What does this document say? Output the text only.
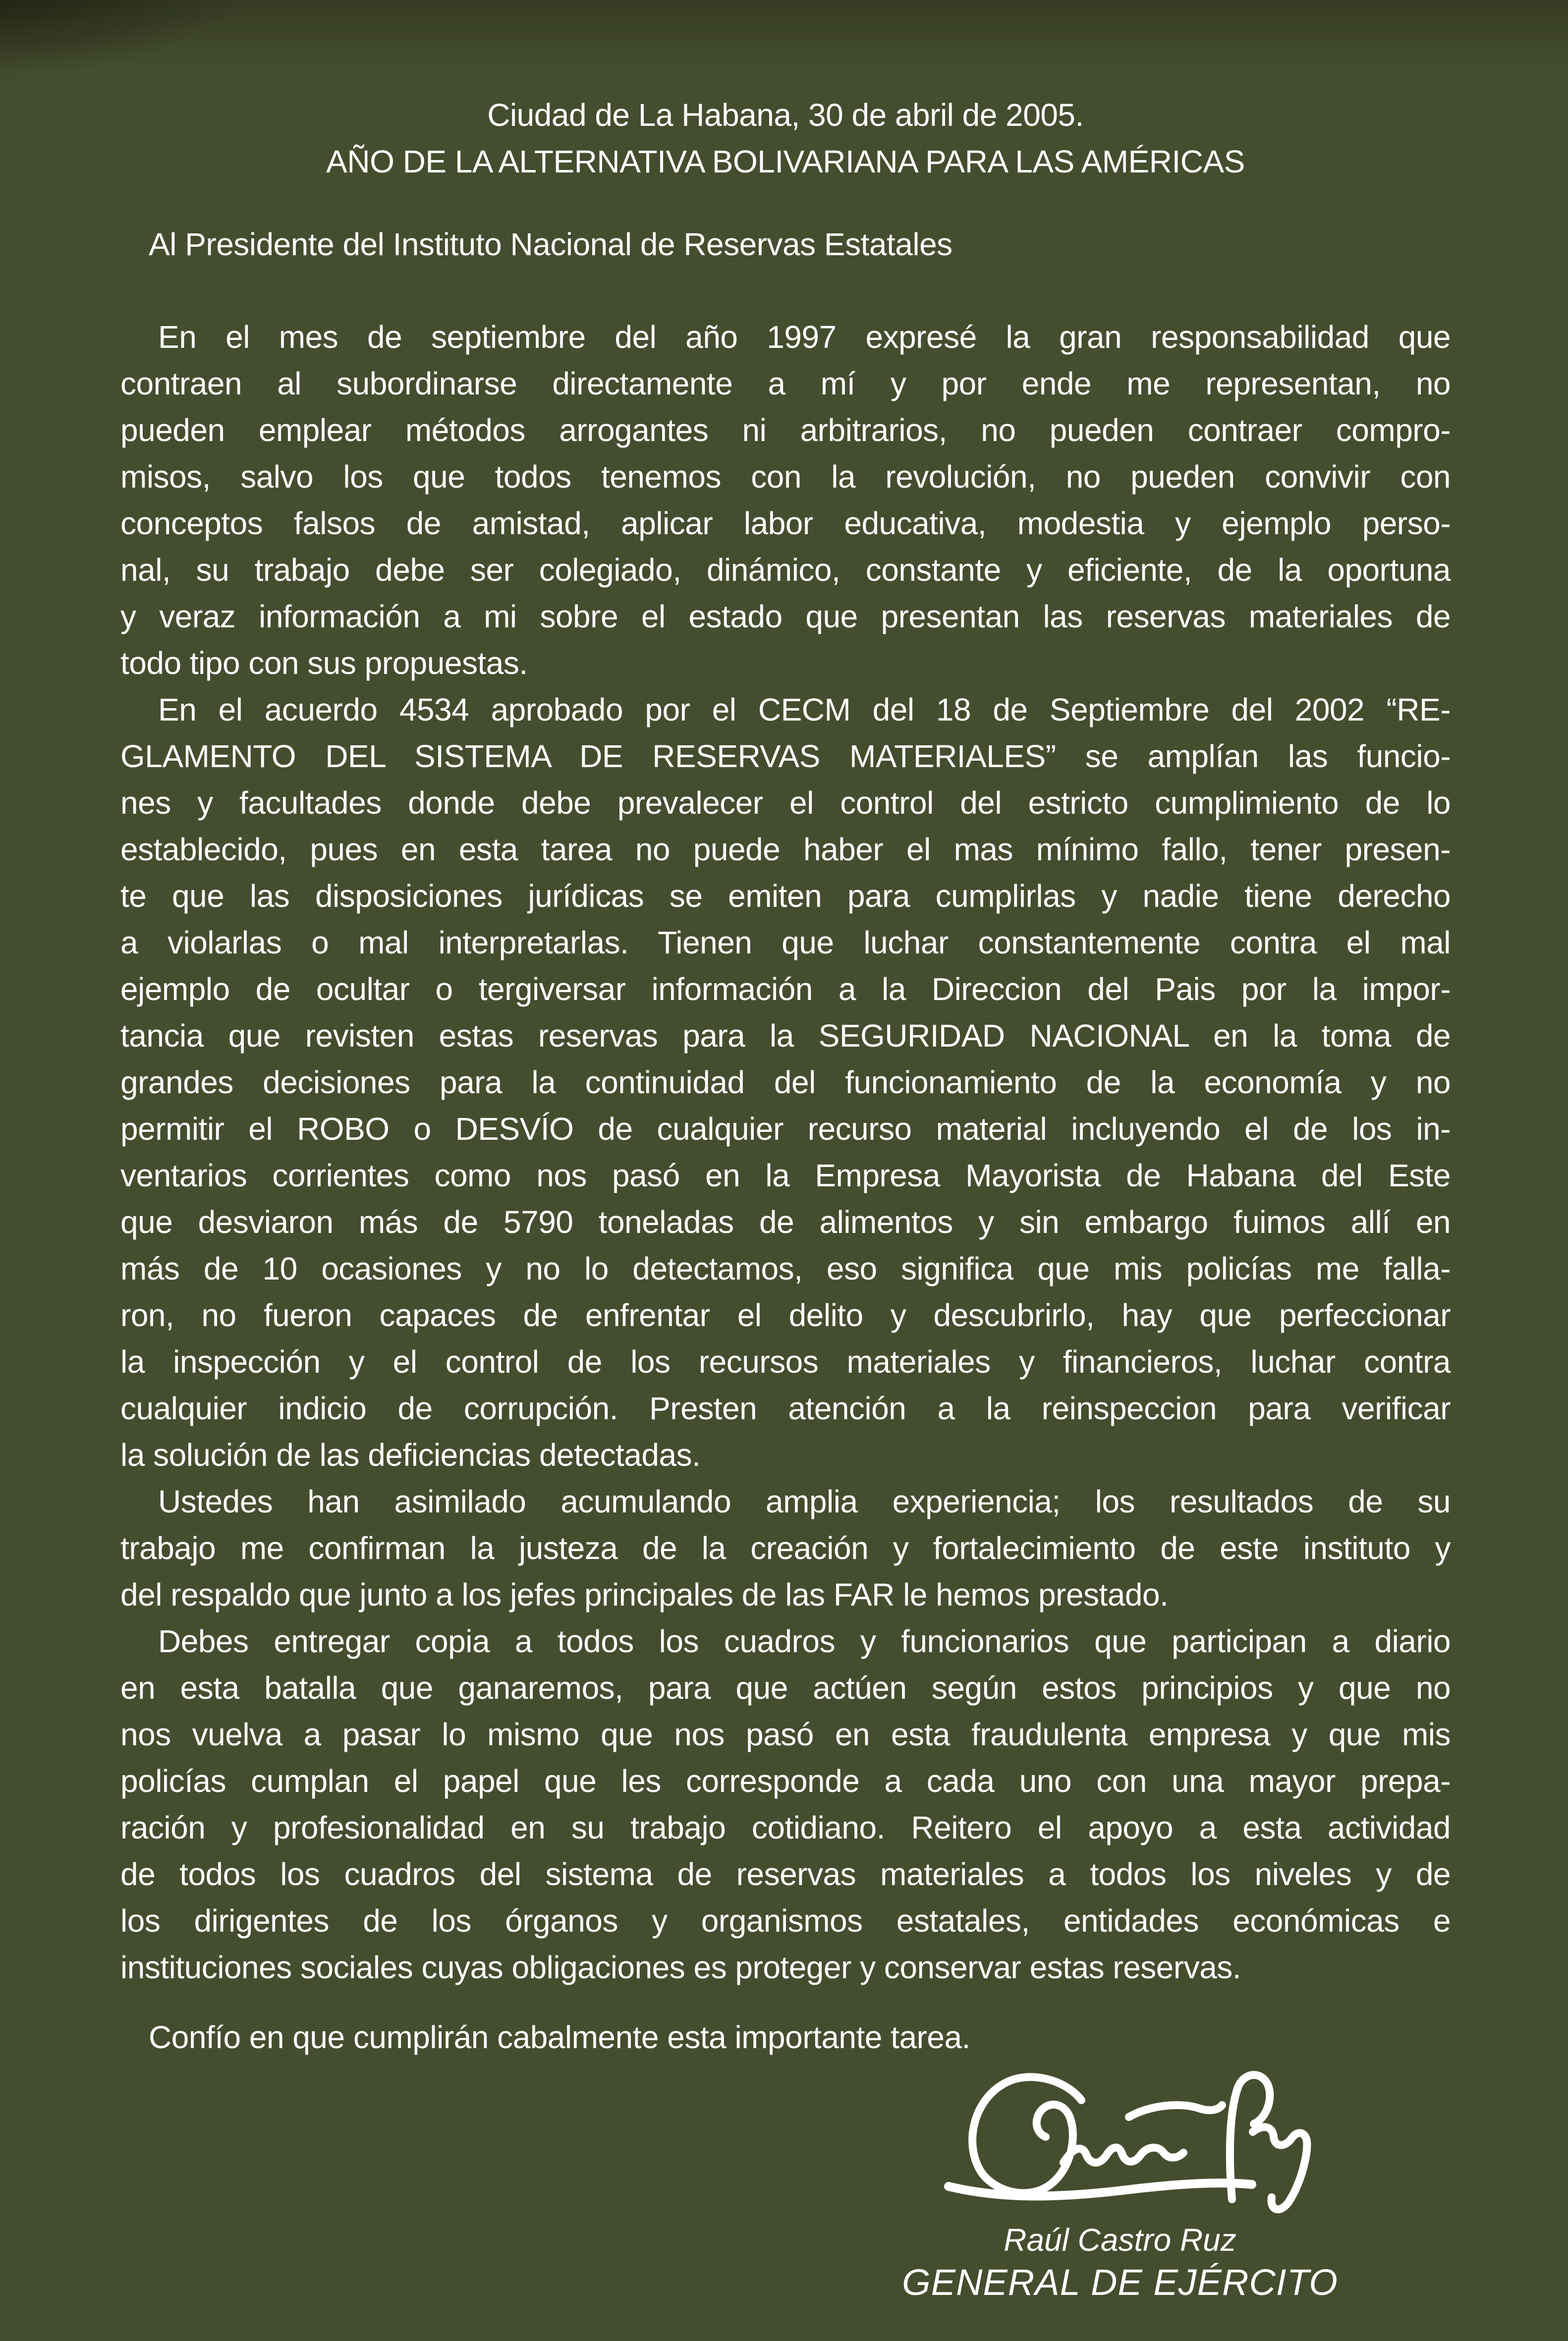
Ciudad de La Habana, 30 de abril de 2005.
AÑO DE LA ALTERNATIVA BOLIVARIANA PARA LAS AMÉRICAS
Al Presidente del Instituto Nacional de Reservas Estatales
En el mes de septiembre del año 1997 expresé la gran responsabilidad que
contraen al subordinarse directamente a mí y por ende me representan, no
pueden emplear métodos arrogantes ni arbitrarios, no pueden contraer compro-
misos, salvo los que todos tenemos con la revolución, no pueden convivir con
conceptos falsos de amistad, aplicar labor educativa, modestia y ejemplo perso-
nal, su trabajo debe ser colegiado, dinámico, constante y eficiente, de la oportuna
y veraz información a mi sobre el estado que presentan las reservas materiales de
todo tipo con sus propuestas.
En el acuerdo 4534 aprobado por el CECM del 18 de Septiembre del 2002 “RE-
GLAMENTO DEL SISTEMA DE RESERVAS MATERIALES” se amplían las funcio-
nes y facultades donde debe prevalecer el control del estricto cumplimiento de lo
establecido, pues en esta tarea no puede haber el mas mínimo fallo, tener presen-
te que las disposiciones jurídicas se emiten para cumplirlas y nadie tiene derecho
a violarlas o mal interpretarlas. Tienen que luchar constantemente contra el mal
ejemplo de ocultar o tergiversar información a la Direccion del Pais por la impor-
tancia que revisten estas reservas para la SEGURIDAD NACIONAL en la toma de
grandes decisiones para la continuidad del funcionamiento de la economía y no
permitir el ROBO o DESVÍO de cualquier recurso material incluyendo el de los in-
ventarios corrientes como nos pasó en la Empresa Mayorista de Habana del Este
que desviaron más de 5790 toneladas de alimentos y sin embargo fuimos allí en
más de 10 ocasiones y no lo detectamos, eso significa que mis policías me falla-
ron, no fueron capaces de enfrentar el delito y descubrirlo, hay que perfeccionar
la inspección y el control de los recursos materiales y financieros, luchar contra
cualquier indicio de corrupción. Presten atención a la reinspeccion para verificar
la solución de las deficiencias detectadas.
Ustedes han asimilado acumulando amplia experiencia; los resultados de su
trabajo me confirman la justeza de la creación y fortalecimiento de este instituto y
del respaldo que junto a los jefes principales de las FAR le hemos prestado.
Debes entregar copia a todos los cuadros y funcionarios que participan a diario
en esta batalla que ganaremos, para que actúen según estos principios y que no
nos vuelva a pasar lo mismo que nos pasó en esta fraudulenta empresa y que mis
policías cumplan el papel que les corresponde a cada uno con una mayor prepa-
ración y profesionalidad en su trabajo cotidiano. Reitero el apoyo a esta actividad
de todos los cuadros del sistema de reservas materiales a todos los niveles y de
los dirigentes de los órganos y organismos estatales, entidades económicas e
instituciones sociales cuyas obligaciones es proteger y conservar estas reservas.
Confío en que cumplirán cabalmente esta importante tarea.
Raúl Castro Ruz
GENERAL DE EJÉRCITO
